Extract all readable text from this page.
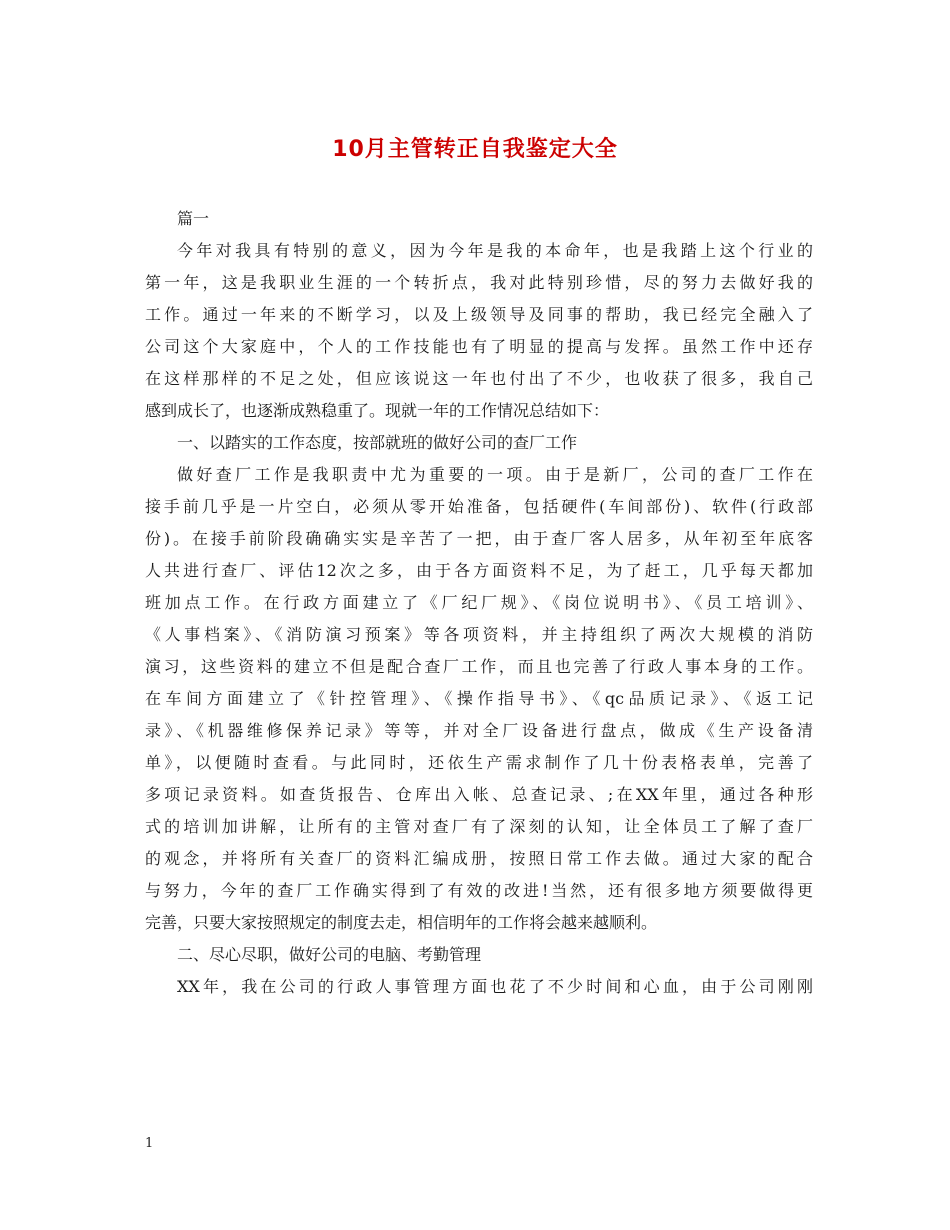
10月主管转正自我鉴定大全
篇一
今年对我具有特别的意义，因为今年是我的本命年，也是我踏上这个行业的
第一年，这是我职业生涯的一个转折点，我对此特别珍惜，尽的努力去做好我的
工作。通过一年来的不断学习，以及上级领导及同事的帮助，我已经完全融入了
公司这个大家庭中，个人的工作技能也有了明显的提高与发挥。虽然工作中还存
在这样那样的不足之处，但应该说这一年也付出了不少，也收获了很多，我自己
感到成长了，也逐渐成熟稳重了。现就一年的工作情况总结如下：
一、以踏实的工作态度，按部就班的做好公司的查厂工作
做好查厂工作是我职责中尤为重要的一项。由于是新厂，公司的查厂工作在
接手前几乎是一片空白，必须从零开始准备，包括硬件(车间部份)、软件(行政部
份)。在接手前阶段确确实实是辛苦了一把，由于查厂客人居多，从年初至年底客
人共进行查厂、评估12次之多，由于各方面资料不足，为了赶工，几乎每天都加
班加点工作。在行政方面建立了《厂纪厂规》、《岗位说明书》、《员工培训》、
《人事档案》、《消防演习预案》等各项资料，并主持组织了两次大规模的消防
演习，这些资料的建立不但是配合查厂工作，而且也完善了行政人事本身的工作。
在车间方面建立了《针控管理》、《操作指导书》、《qc品质记录》、《返工记
录》、《机器维修保养记录》等等，并对全厂设备进行盘点，做成《生产设备清
单》，以便随时查看。与此同时，还依生产需求制作了几十份表格表单，完善了
多项记录资料。如查货报告、仓库出入帐、总查记录、;在XX年里，通过各种形
式的培训加讲解，让所有的主管对查厂有了深刻的认知，让全体员工了解了查厂
的观念，并将所有关查厂的资料汇编成册，按照日常工作去做。通过大家的配合
与努力，今年的查厂工作确实得到了有效的改进!当然，还有很多地方须要做得更
完善，只要大家按照规定的制度去走，相信明年的工作将会越来越顺利。
二、尽心尽职，做好公司的电脑、考勤管理
XX年，我在公司的行政人事管理方面也花了不少时间和心血，由于公司刚刚
1
